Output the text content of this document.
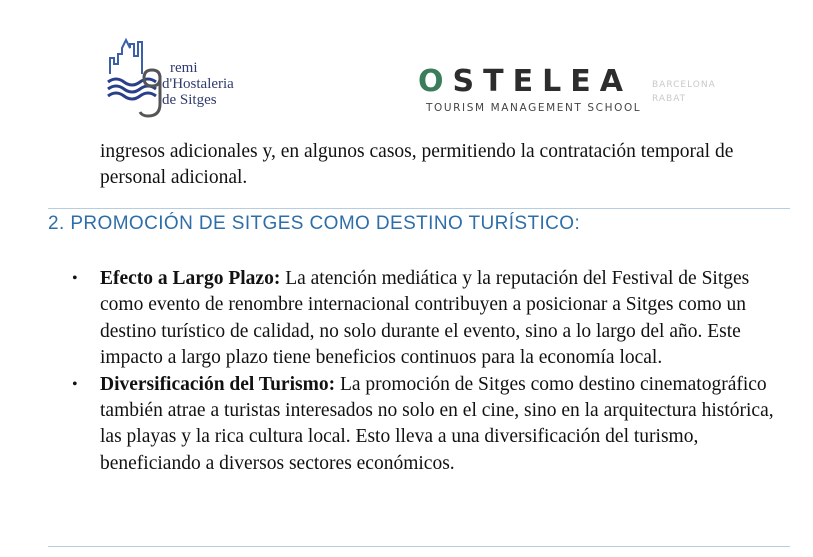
remi
d'Hostaleria
de Sitges
OSTELEA
TOURISM MANAGEMENT SCHOOL
BARCELONA
RABAT

ingresos adicionales y, en algunos casos, permitiendo la contratación temporal de personal adicional.

2. PROMOCIÓN DE SITGES COMO DESTINO TURÍSTICO:
• Efecto a Largo Plazo: La atención mediática y la reputación del Festival de Sitges como evento de renombre internacional contribuyen a posicionar a Sitges como un destino turístico de calidad, no solo durante el evento, sino a lo largo del año. Este impacto a largo plazo tiene beneficios continuos para la economía local.
• Diversificación del Turismo: La promoción de Sitges como destino cinematográfico también atrae a turistas interesados no solo en el cine, sino en la arquitectura histórica, las playas y la rica cultura local. Esto lleva a una diversificación del turismo, beneficiando a diversos sectores económicos.
